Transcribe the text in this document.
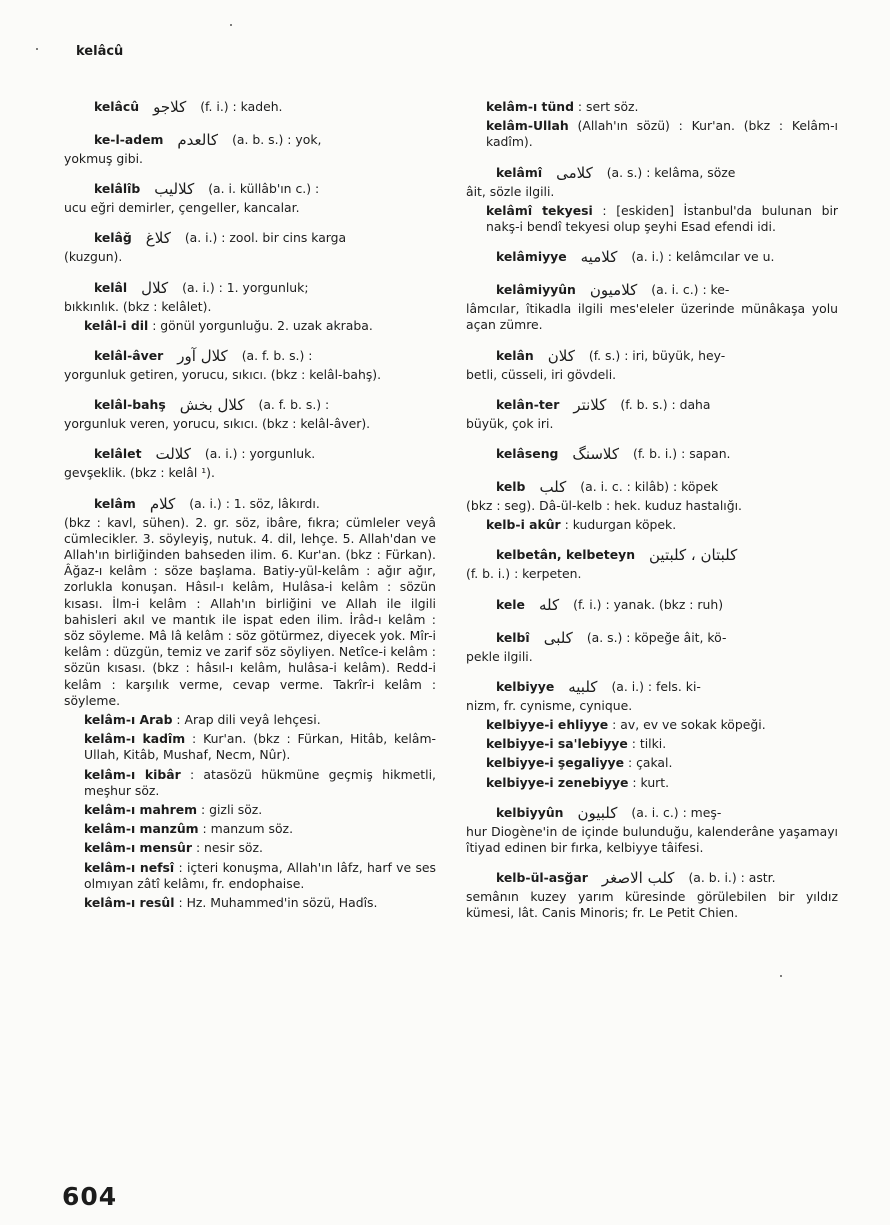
kelâcû
kelâcû کلاجو (f. i.) : kadeh.
ke-l-adem کالعدم (a. b. s.) : yok,
yokmuş gibi.
kelâlîb کلالیب (a. i. küllâb'ın c.) :
ucu eğri demirler, çengeller, kancalar.
kelâğ کلاغ (a. i.) : zool. bir cins karga
(kuzgun).
kelâl کلال (a. i.) : 1. yorgunluk;
bıkkınlık. (bkz : kelâlet).
kelâl-i dil : gönül yorgunluğu. 2. uzak akraba.
kelâl-âver کلال آور (a. f. b. s.) :
yorgunluk getiren, yorucu, sıkıcı. (bkz : kelâl-bahş).
kelâl-bahş کلال بخش (a. f. b. s.) :
yorgunluk veren, yorucu, sıkıcı. (bkz : kelâl-âver).
kelâlet کلالت (a. i.) : yorgunluk.
gevşeklik. (bkz : kelâl ¹).
kelâm کلام (a. i.) : 1. söz, lâkırdı.
(bkz : kavl, sühen). 2. gr. söz, ibâre, fıkra; cümleler veyâ cümlecikler. 3. söyleyiş, nutuk. 4. dil, lehçe. 5. Allah'dan ve Allah'ın birliğinden bahseden ilim. 6. Kur'an. (bkz : Fürkan). Âğaz-ı kelâm : söze başlama. Batiy-yül-kelâm : ağır ağır, zorlukla konuşan. Hâsıl-ı kelâm, Hulâsa-i kelâm : sözün kısası. İlm-i kelâm : Allah'ın birliğini ve Allah ile ilgili bahisleri akıl ve mantık ile ispat eden ilim. İrâd-ı kelâm : söz söyleme. Mâ lâ kelâm : söz götürmez, diyecek yok. Mîr-i kelâm : düzgün, temiz ve zarif söz söyliyen. Netîce-i kelâm : sözün kısası. (bkz : hâsıl-ı kelâm, hulâsa-i kelâm). Redd-i kelâm : karşılık verme, cevap verme. Takrîr-i kelâm : söyleme.
kelâm-ı Arab : Arap dili veyâ lehçesi.
kelâm-ı kadîm : Kur'an. (bkz : Fürkan, Hitâb, kelâm-Ullah, Kitâb, Mushaf, Necm, Nûr).
kelâm-ı kibâr : atasözü hükmüne geçmiş hikmetli, meşhur söz.
kelâm-ı mahrem : gizli söz.
kelâm-ı manzûm : manzum söz.
kelâm-ı mensûr : nesir söz.
kelâm-ı nefsî : içteri konuşma, Allah'ın lâfz, harf ve ses olmıyan zâtî kelâmı, fr. endophaise.
kelâm-ı resûl : Hz. Muhammed'in sözü, Hadîs.
kelâm-ı tünd : sert söz.
kelâm-Ullah (Allah'ın sözü) : Kur'an. (bkz : Kelâm-ı kadîm).
kelâmî کلامی (a. s.) : kelâma, söze
âit, sözle ilgili.
kelâmî tekyesi : [eskiden] İstanbul'da bulunan bir nakş-i bendî tekyesi olup şeyhi Esad efendi idi.
kelâmiyye کلامیه (a. i.) : kelâmcılar ve u.
kelâmiyyûn کلامیون (a. i. c.) : ke-
lâmcılar, îtikadla ilgili mes'eleler üzerinde münâkaşa yolu açan zümre.
kelân کلان (f. s.) : iri, büyük, hey-
betli, cüsseli, iri gövdeli.
kelân-ter کلانتر (f. b. s.) : daha
büyük, çok iri.
kelâseng کلاسنگ (f. b. i.) : sapan.
kelb کلب (a. i. c. : kilâb) : köpek
(bkz : seg). Dâ-ül-kelb : hek. kuduz hastalığı.
kelb-i akûr : kudurgan köpek.
kelbetân, kelbeteyn کلبتان ، کلبتین
(f. b. i.) : kerpeten.
kele کله (f. i.) : yanak. (bkz : ruh)
kelbî کلبی (a. s.) : köpeğe âit, kö-
pekle ilgili.
kelbiyye کلبیه (a. i.) : fels. ki-
nizm, fr. cynisme, cynique.
kelbiyye-i ehliyye : av, ev ve sokak köpeği.
kelbiyye-i sa'lebiyye : tilki.
kelbiyye-i şegaliyye : çakal.
kelbiyye-i zenebiyye : kurt.
kelbiyyûn کلبیون (a. i. c.) : meş-
hur Diogène'in de içinde bulunduğu, kalenderâne yaşamayı îtiyad edinen bir fırka, kelbiyye tâifesi.
kelb-ül-asğar کلب الاصغر (a. b. i.) : astr.
semânın kuzey yarım küresinde görülebilen bir yıldız kümesi, lât. Canis Minoris; fr. Le Petit Chien.
604
